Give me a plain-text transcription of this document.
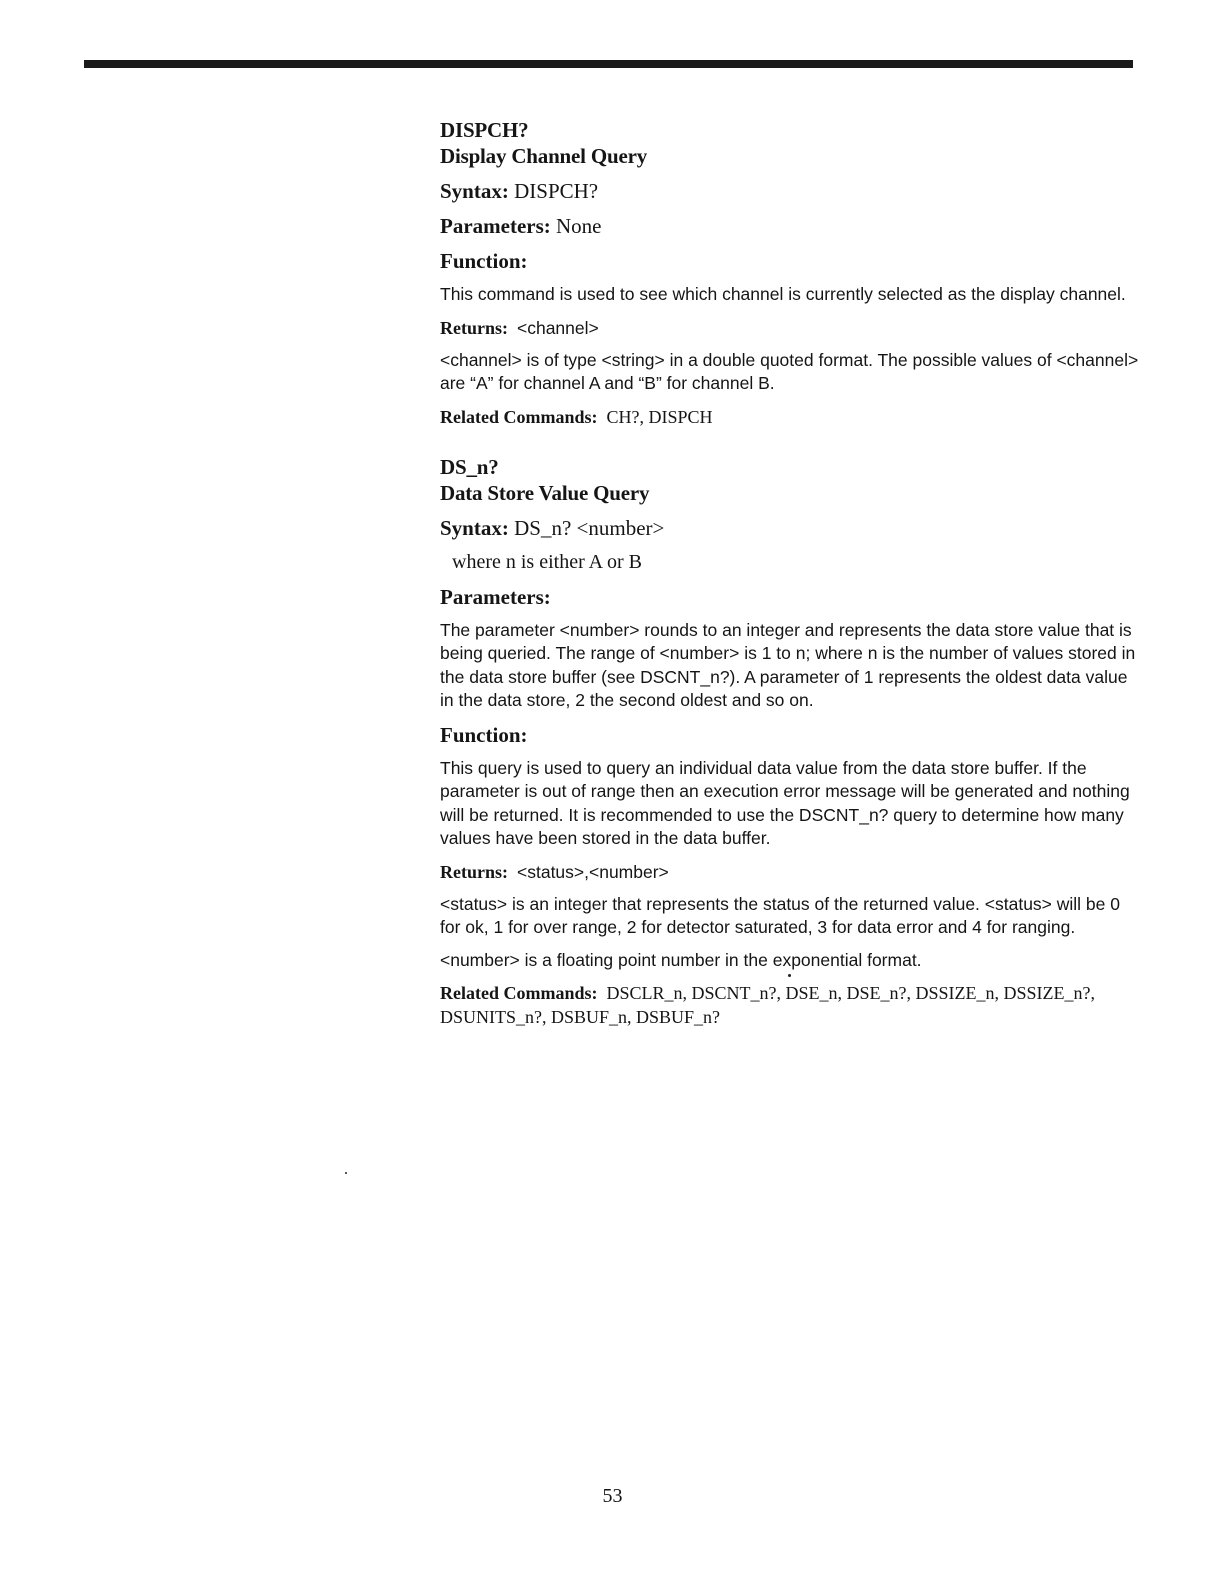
DISPCH?
Display Channel Query
Syntax: DISPCH?
Parameters: None
Function:
This command is used to see which channel is currently selected as the display channel.
Returns: <channel>
<channel> is of type <string> in a double quoted format. The possible values of <channel> are “A” for channel A and “B” for channel B.
Related Commands: CH?, DISPCH
DS_n?
Data Store Value Query
Syntax: DS_n? <number>
where n is either A or B
Parameters:
The parameter <number> rounds to an integer and represents the data store value that is being queried. The range of <number> is 1 to n; where n is the number of values stored in the data store buffer (see DSCNT_n?). A parameter of 1 represents the oldest data value in the data store, 2 the second oldest and so on.
Function:
This query is used to query an individual data value from the data store buffer. If the parameter is out of range then an execution error message will be generated and nothing will be returned. It is recommended to use the DSCNT_n? query to determine how many values have been stored in the data buffer.
Returns: <status>,<number>
<status> is an integer that represents the status of the returned value. <status> will be 0 for ok, 1 for over range, 2 for detector saturated, 3 for data error and 4 for ranging.
<number> is a floating point number in the exponential format.
Related Commands: DSCLR_n, DSCNT_n?, DSE_n, DSE_n?, DSSIZE_n, DSSIZE_n?, DSUNITS_n?, DSBUF_n, DSBUF_n?
53
